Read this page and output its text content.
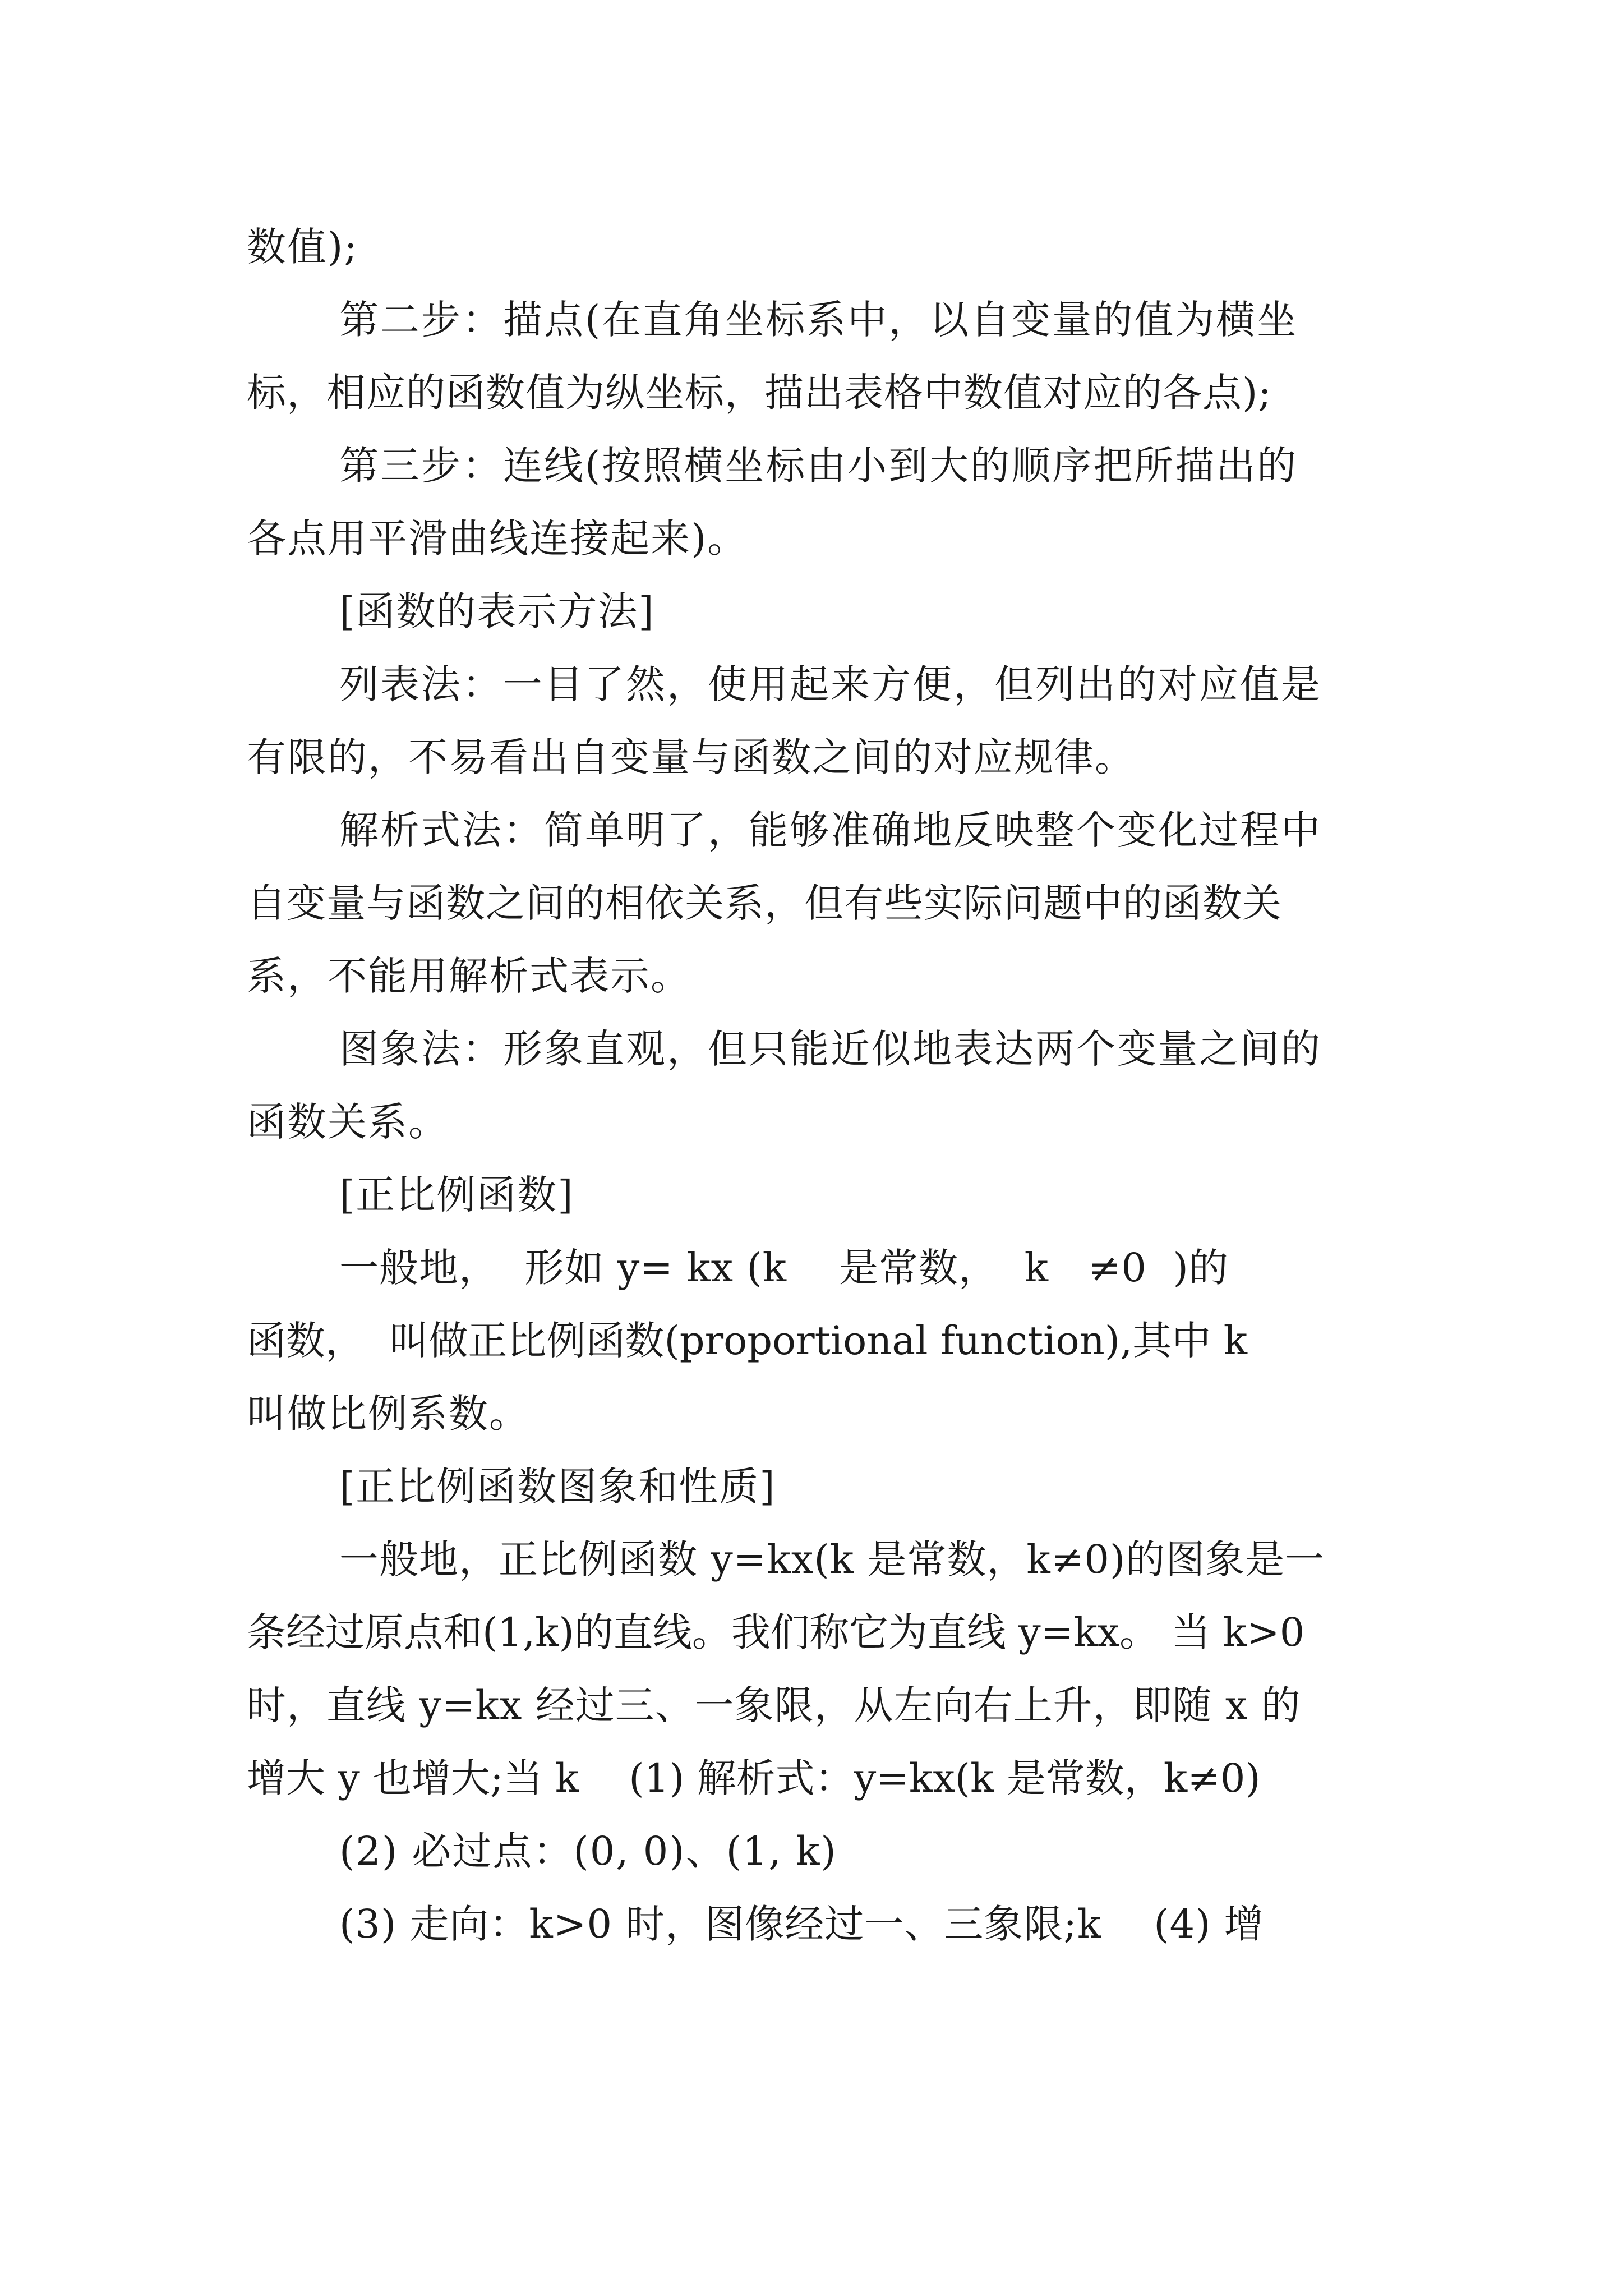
数值);
第二步：描点(在直角坐标系中，以自变量的值为横坐
标，相应的函数值为纵坐标，描出表格中数值对应的各点);
第三步：连线(按照横坐标由小到大的顺序把所描出的
各点用平滑曲线连接起来)。
[函数的表示方法]
列表法：一目了然，使用起来方便，但列出的对应值是
有限的，不易看出自变量与函数之间的对应规律。
解析式法：简单明了，能够准确地反映整个变化过程中
自变量与函数之间的相依关系，但有些实际问题中的函数关
系，不能用解析式表示。
图象法：形象直观，但只能近似地表达两个变量之间的
函数关系。
[正比例函数]
一般地，  形如 y= kx (k    是常数，  k   ≠0  )的
函数，  叫做正比例函数(proportional function),其中 k
叫做比例系数。
[正比例函数图象和性质]
一般地，正比例函数 y=kx(k 是常数，k≠0)的图象是一
条经过原点和(1,k)的直线。我们称它为直线 y=kx。 当 k>0
时，直线 y=kx 经过三、一象限，从左向右上升，即随 x 的
增大 y 也增大;当 k    (1) 解析式：y=kx(k 是常数，k≠0)
(2) 必过点：(0, 0)、(1, k)
(3) 走向：k>0 时，图像经过一、三象限;k    (4) 增
